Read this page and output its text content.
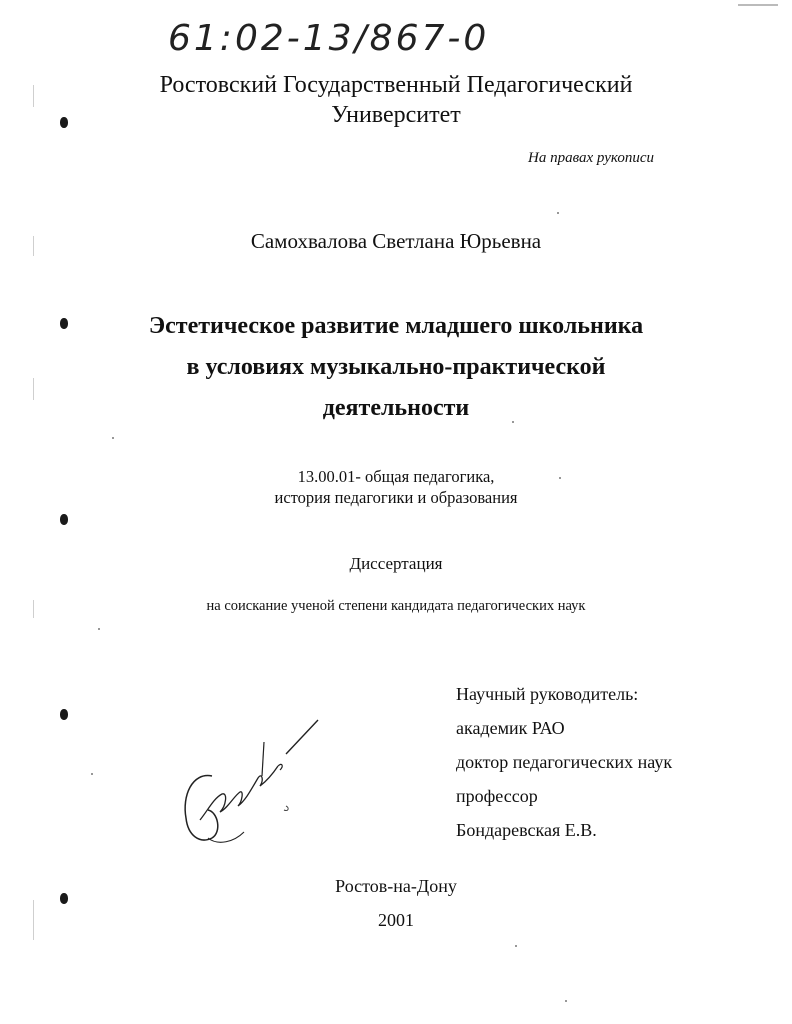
61:02-13/867-0
Ростовский Государственный Педагогический
Университет
На правах рукописи
Самохвалова Светлана Юрьевна
Эстетическое развитие младшего школьника
в условиях музыкально-практической
деятельности
13.00.01- общая педагогика,
история педагогики и образования
Диссертация
на соискание ученой степени кандидата педагогических наук
Научный руководитель:
академик РАО
доктор педагогических наук
профессор
Бондаревская Е.В.
Ростов-на-Дону
2001
